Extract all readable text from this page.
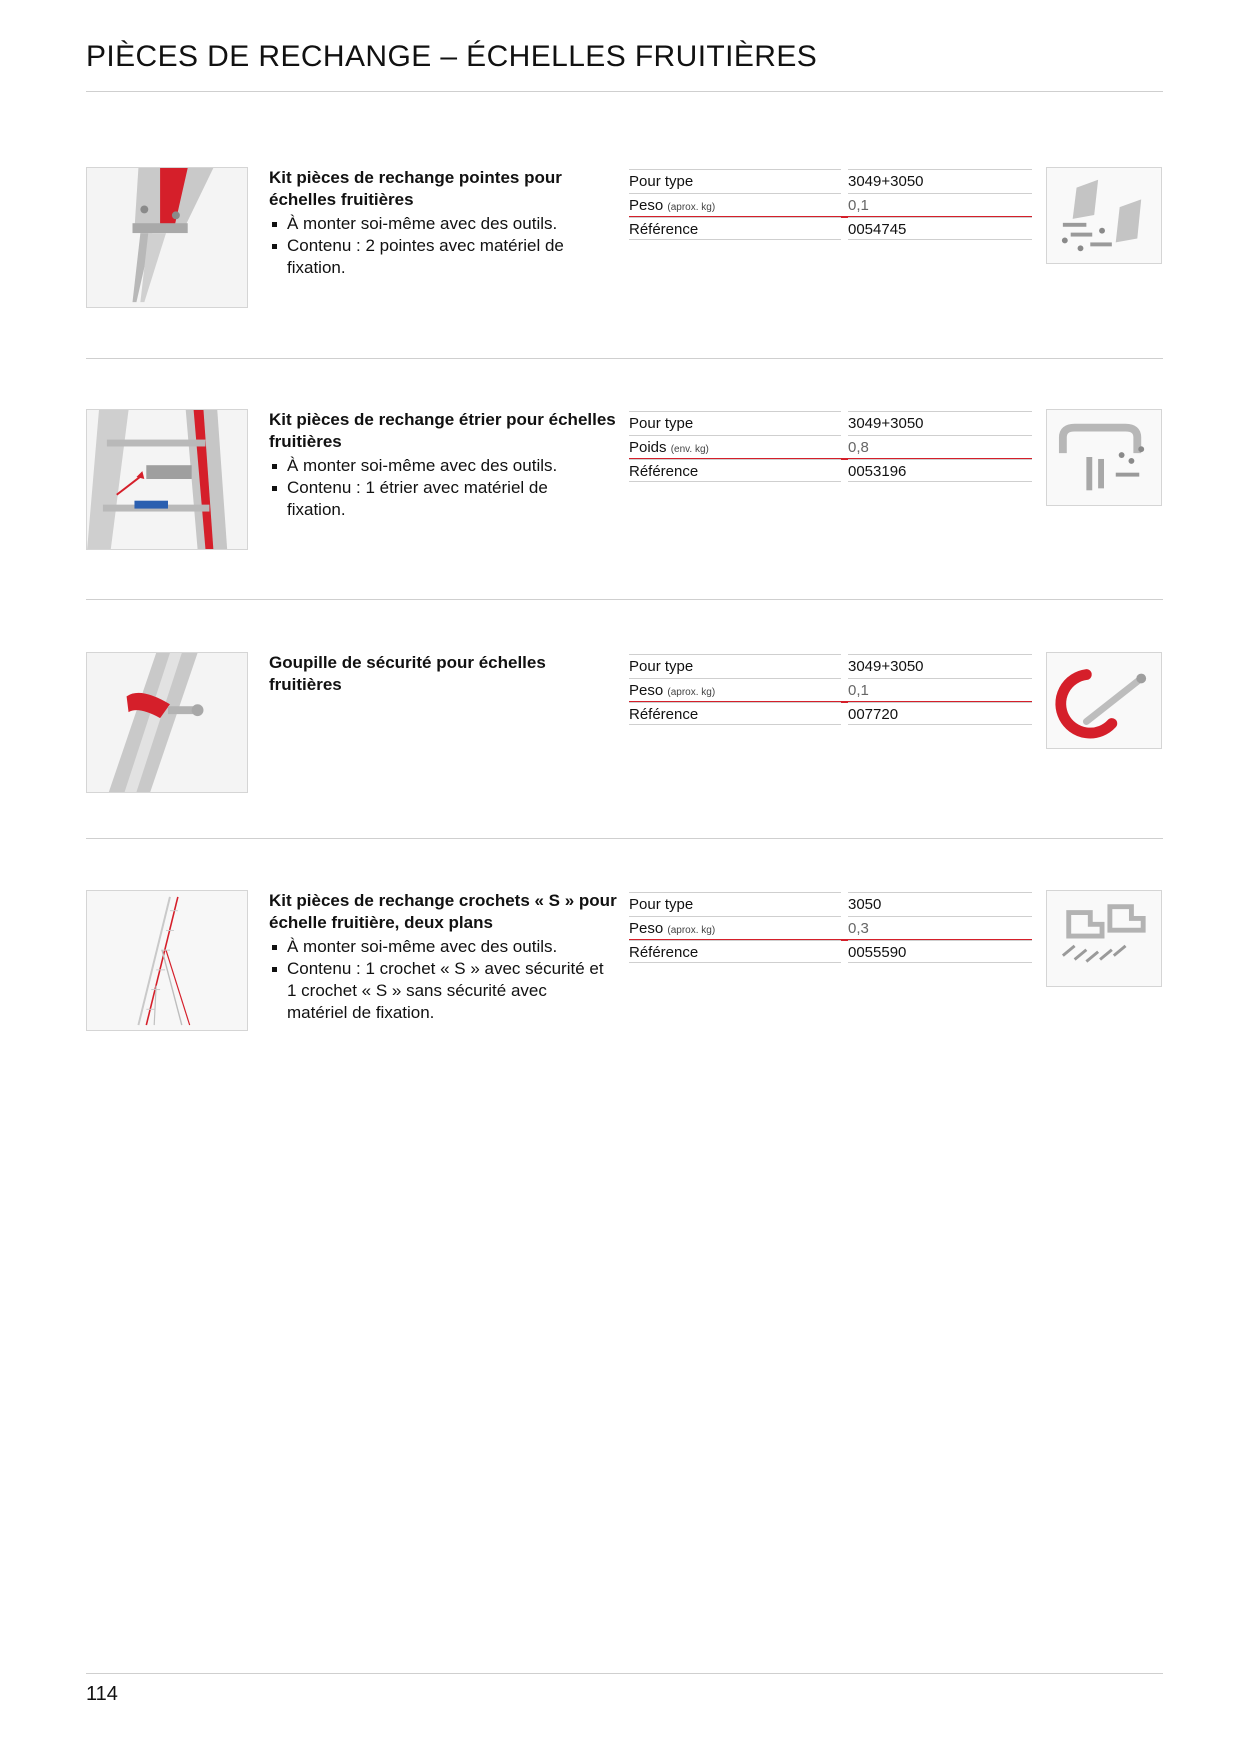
PIÈCES DE RECHANGE – ÉCHELLES FRUITIÈRES
Kit pièces de rechange pointes pour échelles fruitières
À monter soi-même avec des outils.
Contenu : 2 pointes avec matériel de fixation.
Pour type	3049+3050
Peso (aprox. kg)	0,1
Référence	0054745
Kit pièces de rechange étrier pour échelles fruitières
À monter soi-même avec des outils.
Contenu : 1 étrier avec matériel de fixation.
Pour type	3049+3050
Poids (env. kg)	0,8
Référence	0053196
Goupille de sécurité pour échelles fruitières
Pour type	3049+3050
Peso (aprox. kg)	0,1
Référence	007720
Kit pièces de rechange crochets « S » pour échelle fruitière, deux plans
À monter soi-même avec des outils.
Contenu : 1 crochet « S » avec sécurité et 1 crochet « S » sans sécurité avec matériel de fixation.
Pour type	3050
Peso (aprox. kg)	0,3
Référence	0055590
114
